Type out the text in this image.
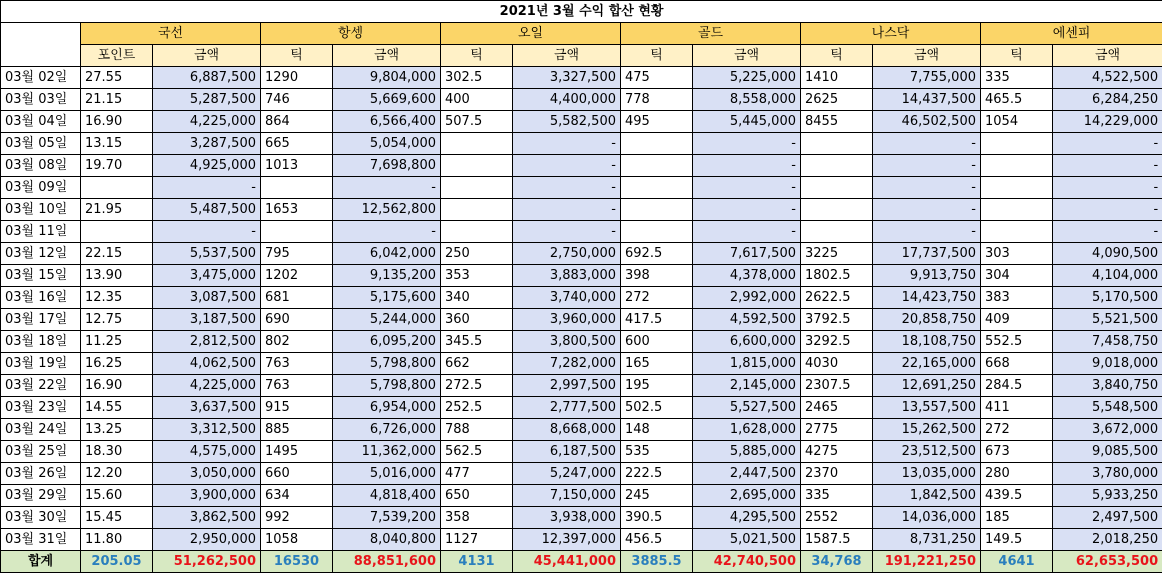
2021년 3월 수익 합산 현황												
	국선		항셍		오일		골드		나스닥		에센피	
	포인트	금액	틱	금액	틱	금액	틱	금액	틱	금액	틱	금액
03월 02일	27.55	6,887,500	1290	9,804,000	302.5	3,327,500	475	5,225,000	1410	7,755,000	335	4,522,500
03월 03일	21.15	5,287,500	746	5,669,600	400	4,400,000	778	8,558,000	2625	14,437,500	465.5	6,284,250
03월 04일	16.90	4,225,000	864	6,566,400	507.5	5,582,500	495	5,445,000	8455	46,502,500	1054	14,229,000
03월 05일	13.15	3,287,500	665	5,054,000		-		-		-		-
03월 08일	19.70	4,925,000	1013	7,698,800		-		-		-		-
03월 09일		-		-		-		-		-		-
03월 10일	21.95	5,487,500	1653	12,562,800		-		-		-		-
03월 11일		-		-		-		-		-		-
03월 12일	22.15	5,537,500	795	6,042,000	250	2,750,000	692.5	7,617,500	3225	17,737,500	303	4,090,500
03월 15일	13.90	3,475,000	1202	9,135,200	353	3,883,000	398	4,378,000	1802.5	9,913,750	304	4,104,000
03월 16일	12.35	3,087,500	681	5,175,600	340	3,740,000	272	2,992,000	2622.5	14,423,750	383	5,170,500
03월 17일	12.75	3,187,500	690	5,244,000	360	3,960,000	417.5	4,592,500	3792.5	20,858,750	409	5,521,500
03월 18일	11.25	2,812,500	802	6,095,200	345.5	3,800,500	600	6,600,000	3292.5	18,108,750	552.5	7,458,750
03월 19일	16.25	4,062,500	763	5,798,800	662	7,282,000	165	1,815,000	4030	22,165,000	668	9,018,000
03월 22일	16.90	4,225,000	763	5,798,800	272.5	2,997,500	195	2,145,000	2307.5	12,691,250	284.5	3,840,750
03월 23일	14.55	3,637,500	915	6,954,000	252.5	2,777,500	502.5	5,527,500	2465	13,557,500	411	5,548,500
03월 24일	13.25	3,312,500	885	6,726,000	788	8,668,000	148	1,628,000	2775	15,262,500	272	3,672,000
03월 25일	18.30	4,575,000	1495	11,362,000	562.5	6,187,500	535	5,885,000	4275	23,512,500	673	9,085,500
03월 26일	12.20	3,050,000	660	5,016,000	477	5,247,000	222.5	2,447,500	2370	13,035,000	280	3,780,000
03월 29일	15.60	3,900,000	634	4,818,400	650	7,150,000	245	2,695,000	335	1,842,500	439.5	5,933,250
03월 30일	15.45	3,862,500	992	7,539,200	358	3,938,000	390.5	4,295,500	2552	14,036,000	185	2,497,500
03월 31일	11.80	2,950,000	1058	8,040,800	1127	12,397,000	456.5	5,021,500	1587.5	8,731,250	149.5	2,018,250
합계	205.05	51,262,500	16530	88,851,600	4131	45,441,000	3885.5	42,740,500	34,768	191,221,250	4641	62,653,500
